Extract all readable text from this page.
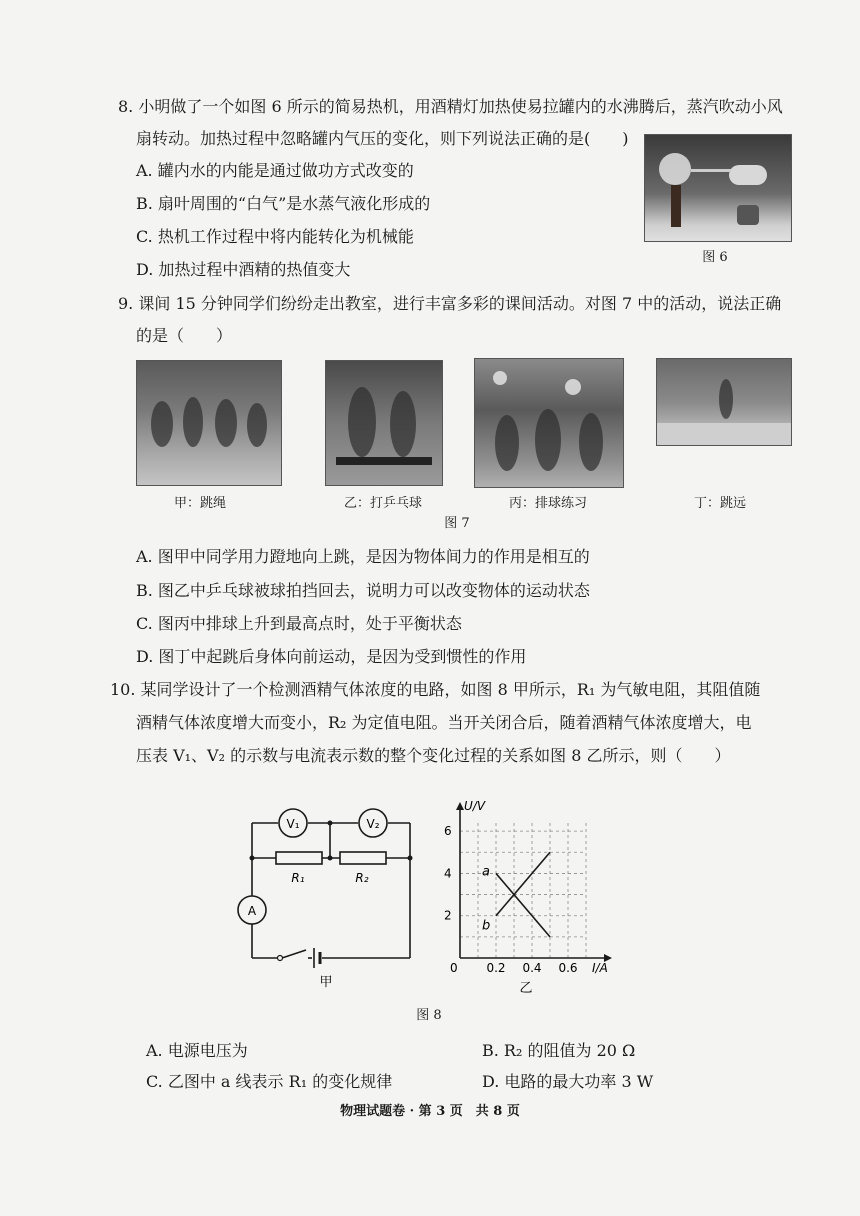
8. 小明做了一个如图 6 所示的简易热机，用酒精灯加热使易拉罐内的水沸腾后，蒸汽吹动小风
扇转动。加热过程中忽略罐内气压的变化，则下列说法正确的是(　　)
A. 罐内水的内能是通过做功方式改变的
B. 扇叶周围的“白气”是水蒸气液化形成的
C. 热机工作过程中将内能转化为机械能
D. 加热过程中酒精的热值变大
图 6
9. 课间 15 分钟同学们纷纷走出教室，进行丰富多彩的课间活动。对图 7 中的活动，说法正确
的是（　　）
甲：跳绳	乙：打乒乓球	丙：排球练习	丁：跳远
图 7
A. 图甲中同学用力蹬地向上跳，是因为物体间力的作用是相互的
B. 图乙中乒乓球被球拍挡回去，说明力可以改变物体的运动状态
C. 图丙中排球上升到最高点时，处于平衡状态
D. 图丁中起跳后身体向前运动，是因为受到惯性的作用
10. 某同学设计了一个检测酒精气体浓度的电路，如图 8 甲所示，R₁ 为气敏电阻，其阻值随
酒精气体浓度增大而变小，R₂ 为定值电阻。当开关闭合后，随着酒精气体浓度增大，电
压表 V₁、V₂ 的示数与电流表示数的整个变化过程的关系如图 8 乙所示，则（　　）
V₁	V₂
R₁	R₂
A
甲
U/V
I/A
0
2
4
6
0.2 0.4 0.6
a
b
乙
图 8
A. 电源电压为	B. R₂ 的阻值为 20 Ω
C. 乙图中 a 线表示 R₁ 的变化规律	D. 电路的最大功率 3 W
物理试题卷 · 第 3 页　共 8 页
